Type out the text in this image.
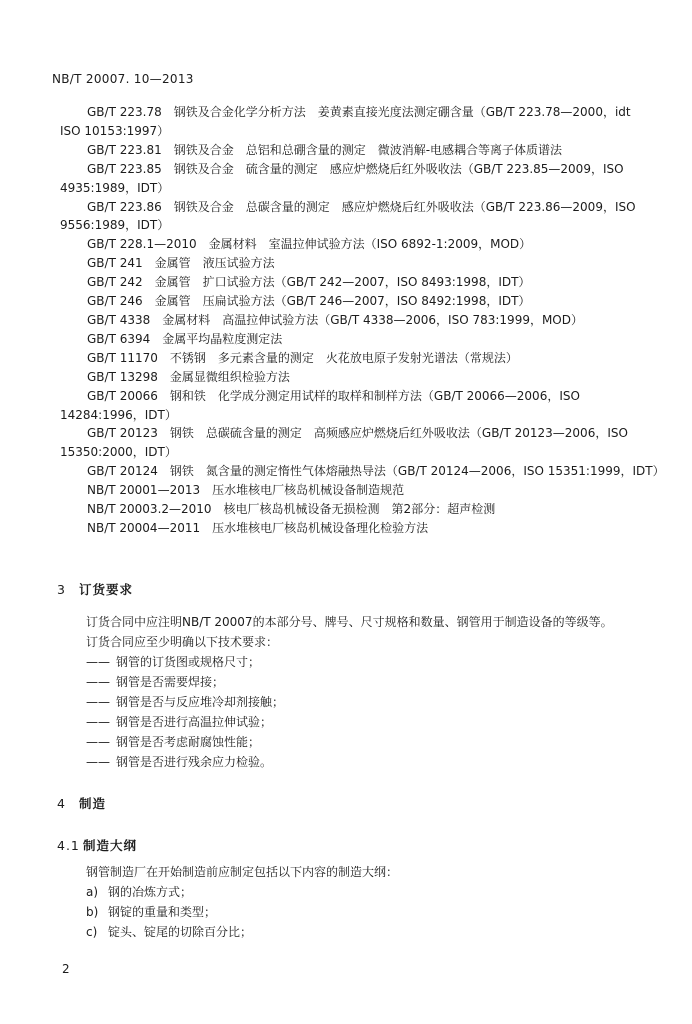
NB/T 20007. 10—2013
GB/T 223.78　钢铁及合金化学分析方法　姜黄素直接光度法测定硼含量（GB/T 223.78—2000，idt
ISO 10153:1997）
GB/T 223.81　钢铁及合金　总铝和总硼含量的测定　微波消解-电感耦合等离子体质谱法
GB/T 223.85　钢铁及合金　硫含量的测定　感应炉燃烧后红外吸收法（GB/T 223.85—2009，ISO
4935:1989，IDT）
GB/T 223.86　钢铁及合金　总碳含量的测定　感应炉燃烧后红外吸收法（GB/T 223.86—2009，ISO
9556:1989，IDT）
GB/T 228.1—2010　金属材料　室温拉伸试验方法（ISO 6892-1:2009，MOD）
GB/T 241　金属管　液压试验方法
GB/T 242　金属管　扩口试验方法（GB/T 242—2007，ISO 8493:1998，IDT）
GB/T 246　金属管　压扁试验方法（GB/T 246—2007，ISO 8492:1998，IDT）
GB/T 4338　金属材料　高温拉伸试验方法（GB/T 4338—2006，ISO 783:1999，MOD）
GB/T 6394　金属平均晶粒度测定法
GB/T 11170　不锈钢　多元素含量的测定　火花放电原子发射光谱法（常规法）
GB/T 13298　金属显微组织检验方法
GB/T 20066　钢和铁　化学成分测定用试样的取样和制样方法（GB/T 20066—2006，ISO
14284:1996，IDT）
GB/T 20123　钢铁　总碳硫含量的测定　高频感应炉燃烧后红外吸收法（GB/T 20123—2006，ISO
15350:2000，IDT）
GB/T 20124　钢铁　氮含量的测定惰性气体熔融热导法（GB/T 20124—2006，ISO 15351:1999，IDT）
NB/T 20001—2013　压水堆核电厂核岛机械设备制造规范
NB/T 20003.2—2010　核电厂核岛机械设备无损检测　第2部分：超声检测
NB/T 20004—2011　压水堆核电厂核岛机械设备理化检验方法
3 订货要求
订货合同中应注明NB/T 20007的本部分号、牌号、尺寸规格和数量、钢管用于制造设备的等级等。
订货合同应至少明确以下技术要求：
—— 钢管的订货图或规格尺寸；
—— 钢管是否需要焊接；
—— 钢管是否与反应堆冷却剂接触；
—— 钢管是否进行高温拉伸试验；
—— 钢管是否考虑耐腐蚀性能；
—— 钢管是否进行残余应力检验。
4 制造
4.1 制造大纲
钢管制造厂在开始制造前应制定包括以下内容的制造大纲：
a) 钢的冶炼方式；
b) 钢锭的重量和类型；
c) 锭头、锭尾的切除百分比；
2
